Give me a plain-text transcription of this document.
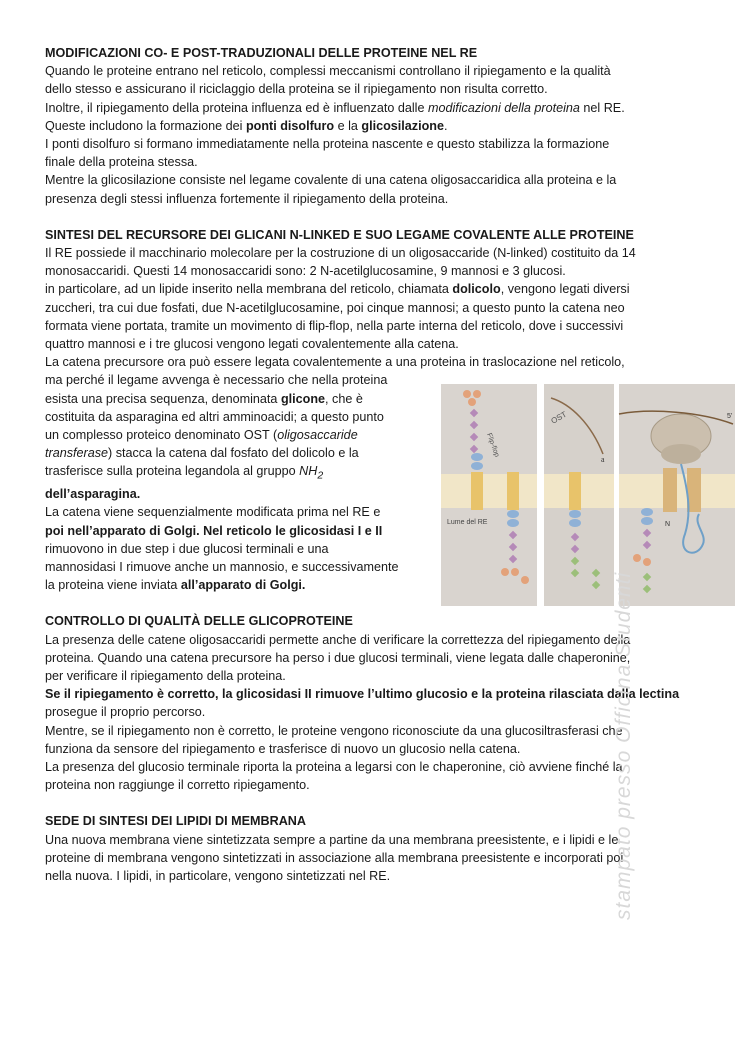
MODIFICAZIONI CO- E POST-TRADUZIONALI DELLE PROTEINE NEL RE

Quando le proteine entrano nel reticolo, complessi meccanismi controllano il ripiegamento e la qualità

dello stesso e assicurano il riciclaggio della proteina se il ripiegamento non risulta corretto.

Inoltre, il ripiegamento della proteina influenza ed è influenzato dalle modificazioni della proteina nel RE.

Queste includono la formazione dei ponti disolfuro e la glicosilazione.

I ponti disolfuro si formano immediatamente nella proteina nascente e questo stabilizza la formazione

finale della proteina stessa.

Mentre la glicosilazione consiste nel legame covalente di una catena oligosaccaridica alla proteina e la

presenza degli stessi influenza fortemente il ripiegamento della proteina.

SINTESI DEL RECURSORE DEI GLICANI N-LINKED E SUO LEGAME COVALENTE ALLE PROTEINE

Il RE possiede il macchinario molecolare per la costruzione di un oligosaccaride (N-linked) costituito da 14

monosaccaridi. Questi 14 monosaccaridi sono: 2 N-acetilglucosamine, 9 mannosi e 3 glucosi.

in particolare, ad un lipide inserito nella membrana del reticolo, chiamata dolicolo, vengono legati diversi

zuccheri, tra cui due fosfati, due N-acetilglucosamine, poi cinque mannosi; a questo punto la catena neo

formata viene portata, tramite un movimento di flip-flop, nella parte interna del reticolo, dove i successivi

quattro mannosi e i tre glucosi vengono legati covalentemente alla catena.

La catena precursore ora può essere legata covalentemente a una proteina in traslocazione nel reticolo,

ma perché il legame avvenga è necessario che nella proteina

esista una precisa sequenza, denominata glicone, che è

costituita da asparagina ed altri amminoacidi; a questo punto

un complesso proteico denominato OST (oligosaccaride

transferase) stacca la catena dal fosfato del dolicolo e la

trasferisce sulla proteina legandola al gruppo $NH_2$

dell’asparagina.

La catena viene sequenzialmente modificata prima nel RE e

poi nell’apparato di Golgi. Nel reticolo le glicosidasi I e II

rimuovono in due step i due glucosi terminali e una

mannosidasi I rimuove anche un mannosio, e successivamente

la proteina viene inviata all’apparato di Golgi.

CONTROLLO DI QUALITÀ DELLE GLICOPROTEINE

La presenza delle catene oligosaccaridi permette anche di verificare la correttezza del ripiegamento della

proteina. Quando una catena precursore ha perso i due glucosi terminali, viene legata dalle chaperonine,

per verificare il ripiegamento della proteina.

Se il ripiegamento è corretto, la glicosidasi II rimuove l’ultimo glucosio e la proteina rilasciata dalla lectina

prosegue il proprio percorso.

Mentre, se il ripiegamento non è corretto, le proteine vengono riconosciute da una glucosiltrasferasi che

funziona da sensore del ripiegamento e trasferisce di nuovo un glucosio nella catena.

La presenza del glucosio terminale riporta la proteina a legarsi con le chaperonine, ciò avviene finché la

proteina non raggiunge il corretto ripiegamento.

SEDE DI SINTESI DEI LIPIDI DI MEMBRANA

Una nuova membrana viene sintetizzata sempre a partine da una membrana preesistente, e i lipidi e le

proteine di membrana vengono sintetizzati in associazione alla membrana preesistente e incorporati poi

nella nuova. I lipidi, in particolare, vengono sintetizzati nel RE.

Flip-flop
Lume del RE
OST
a
5'
N
stampato presso Officina Studenti
